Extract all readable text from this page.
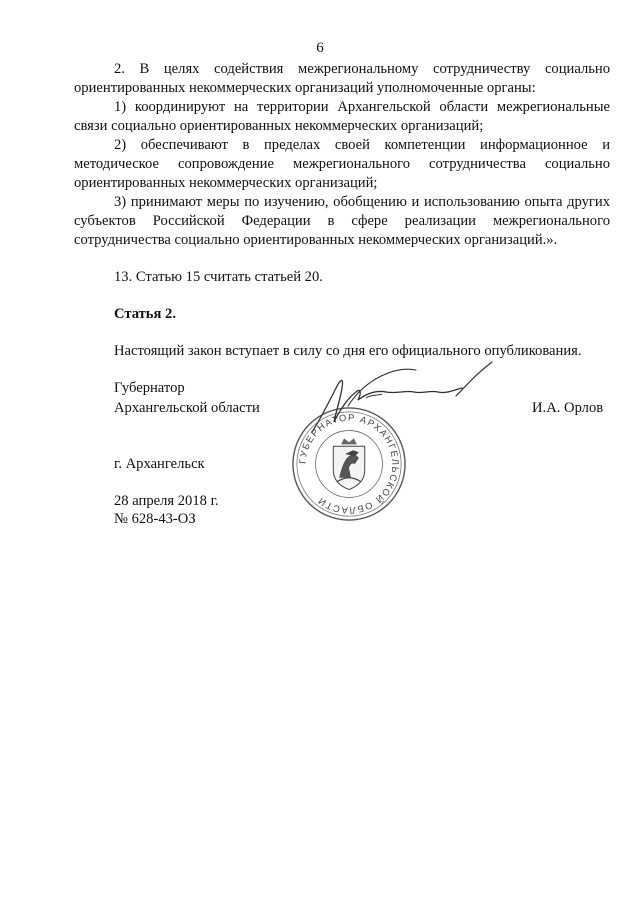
6

2. В целях содействия межрегиональному сотрудничеству социально ориентированных некоммерческих организаций уполномоченные органы:

1) координируют на территории Архангельской области межрегиональные связи социально ориентированных некоммерческих организаций;

2) обеспечивают в пределах своей компетенции информационное и методическое сопровождение межрегионального сотрудничества социально ориентированных некоммерческих организаций;

3) принимают меры по изучению, обобщению и использованию опыта других субъектов Российской Федерации в сфере реализации межрегионального сотрудничества социально ориентированных некоммерческих организаций.».

13. Статью 15 считать статьей 20.

Статья 2.

Настоящий закон вступает в силу со дня его официального опубликования.

Губернатор
Архангельской области	И.А. Орлов
ГУБЕРНАТОР АРХАНГЕЛЬСКОЙ ОБЛАСТИ
г. Архангельск
28 апреля 2018 г.
№ 628-43-ОЗ
